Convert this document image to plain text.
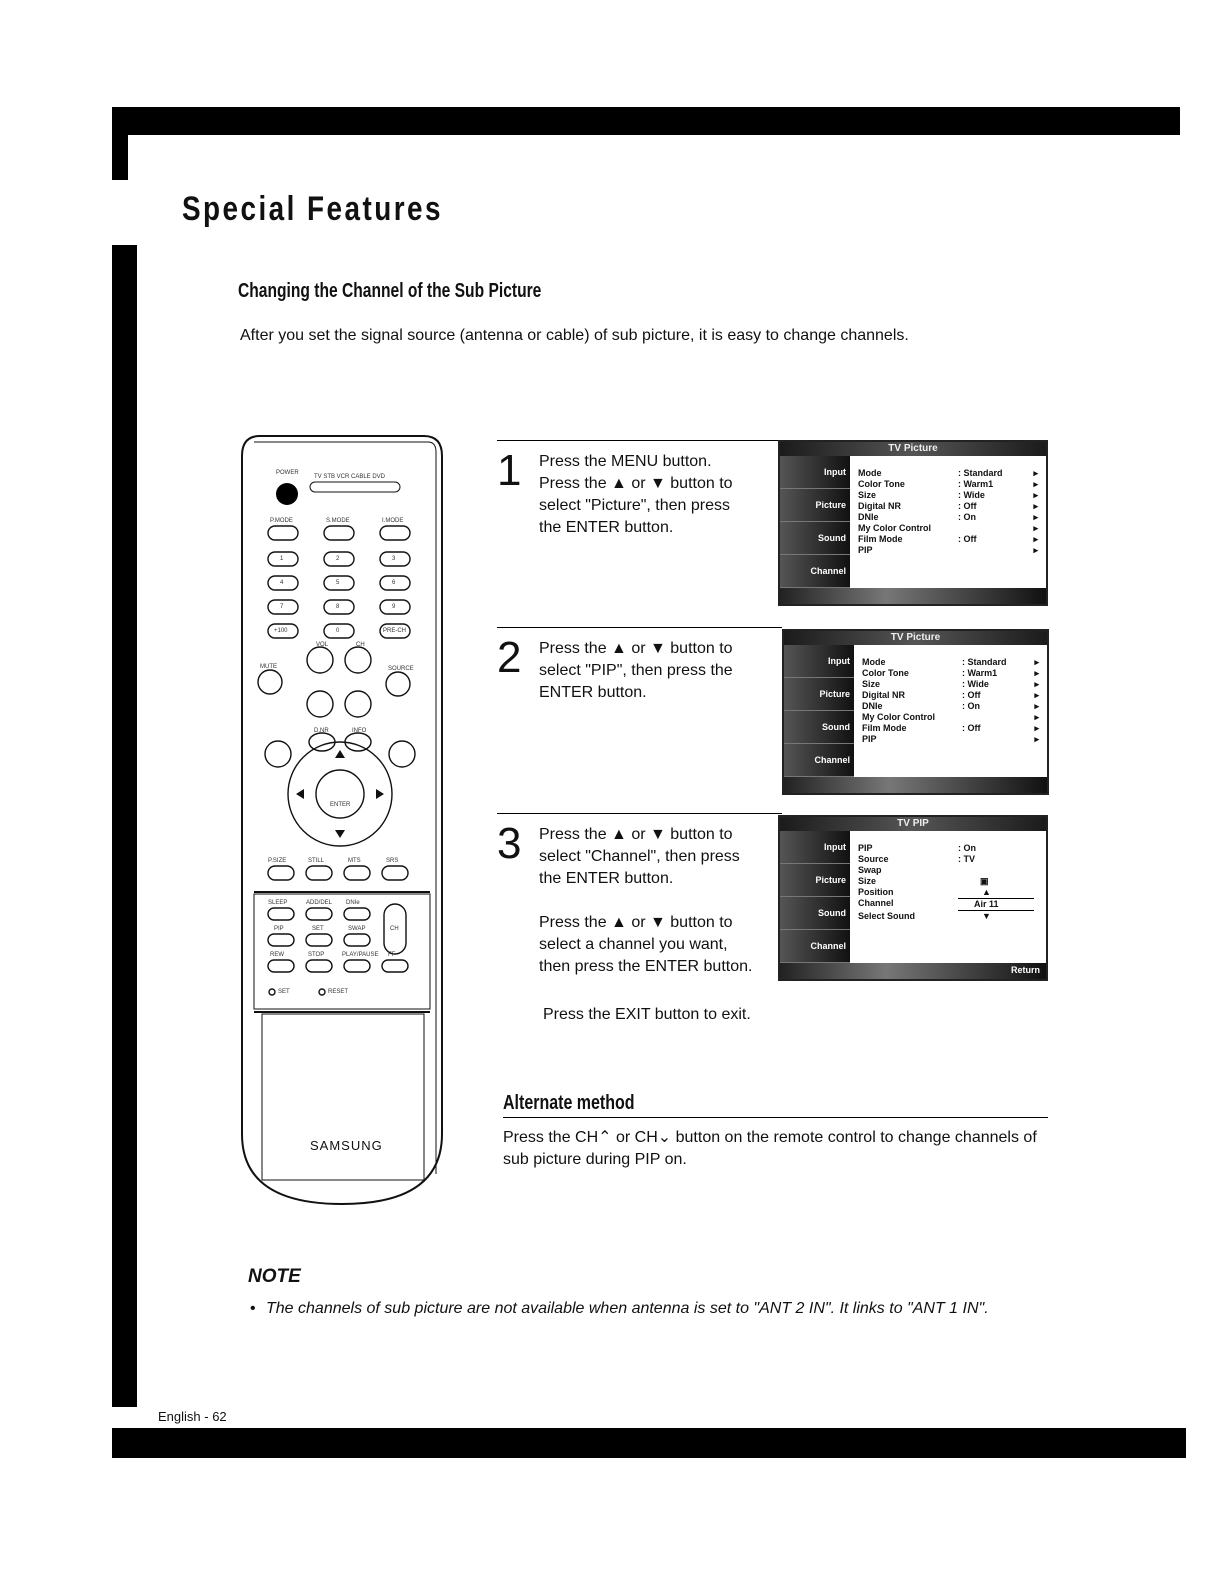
Special Features
Changing the Channel of the Sub Picture
After you set the signal source (antenna or cable) of sub picture, it is easy to change channels.
POWER
TV STB VCR CABLE DVD
P.MODE	S.MODE	I.MODE
1	2	3
4	5	6
7	8	9
+100	0	PRE-CH
VOL	CH
MUTE	SOURCE
D.NR	INFO
ENTER
P.SIZE	STILL	MTS	SRS
SLEEP	ADD/DEL DNIe
PIP	SET	SWAP	CH
REW	STOP	PLAY/PAUSE FF
SET	RESET
SAMSUNG
1 Press the MENU button.
Press the ▲ or ▼ button to
select "Picture", then press
the ENTER button.
TV Picture
Input
Picture
Sound
Channel
Mode	: Standard	▸
Color Tone	: Warm1	▸
Size	: Wide	▸
Digital NR	: Off	▸
DNIe	: On	▸
My Color Control	▸
Film Mode	: Off	▸
PIP	▸
2 Press the ▲ or ▼ button to
select "PIP", then press the
ENTER button.
TV Picture
Input
Picture
Sound
Channel
Mode	: Standard	▸
Color Tone	: Warm1	▸
Size	: Wide	▸
Digital NR	: Off	▸
DNIe	: On	▸
My Color Control	▸
Film Mode	: Off	▸
PIP	▸
3 Press the ▲ or ▼ button to
select "Channel", then press
the ENTER button.
Press the ▲ or ▼ button to
select a channel you want,
then press the ENTER button.
TV PIP
Input
Picture
Sound
Channel
PIP	: On
Source	: TV
Swap
Size	▣
Position	▲
Channel	Air 11
Select Sound	▼
Return
Press the EXIT button to exit.
Alternate method
Press the CH⌃ or CH⌄ button on the remote control to change channels of sub picture during PIP on.
NOTE
• The channels of sub picture are not available when antenna is set to "ANT 2 IN". It links to "ANT 1 IN".
English - 62
